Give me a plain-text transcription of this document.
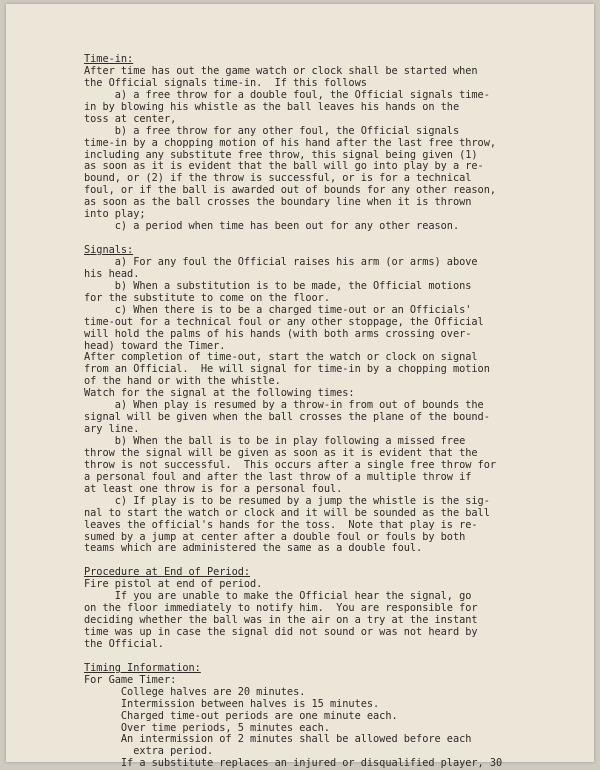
Time-in:
After time has out the game watch or clock shall be started when
the Official signals time-in.  If this follows
a) a free throw for a double foul, the Official signals time-
in by blowing his whistle as the ball leaves his hands on the
toss at center,
b) a free throw for any other foul, the Official signals
time-in by a chopping motion of his hand after the last free throw,
including any substitute free throw, this signal being given (1)
as soon as it is evident that the ball will go into play by a re-
bound, or (2) if the throw is successful, or is for a technical
foul, or if the ball is awarded out of bounds for any other reason,
as soon as the ball crosses the boundary line when it is thrown
into play;
c) a period when time has been out for any other reason.
Signals:
a) For any foul the Official raises his arm (or arms) above
his head.
b) When a substitution is to be made, the Official motions
for the substitute to come on the floor.
c) When there is to be a charged time-out or an Officials'
time-out for a technical foul or any other stoppage, the Official
will hold the palms of his hands (with both arms crossing over-
head) toward the Timer.
After completion of time-out, start the watch or clock on signal
from an Official.  He will signal for time-in by a chopping motion
of the hand or with the whistle.
Watch for the signal at the following times:
a) When play is resumed by a throw-in from out of bounds the
signal will be given when the ball crosses the plane of the bound-
ary line.
b) When the ball is to be in play following a missed free
throw the signal will be given as soon as it is evident that the
throw is not successful.  This occurs after a single free throw for
a personal foul and after the last throw of a multiple throw if
at least one throw is for a personal foul.
c) If play is to be resumed by a jump the whistle is the sig-
nal to start the watch or clock and it will be sounded as the ball
leaves the official's hands for the toss.  Note that play is re-
sumed by a jump at center after a double foul or fouls by both
teams which are administered the same as a double foul.
Procedure at End of Period:
Fire pistol at end of period.
If you are unable to make the Official hear the signal, go
on the floor immediately to notify him.  You are responsible for
deciding whether the ball was in the air on a try at the instant
time was up in case the signal did not sound or was not heard by
the Official.
Timing Information:
For Game Timer:
College halves are 20 minutes.
Intermission between halves is 15 minutes.
Charged time-out periods are one minute each.
Over time periods, 5 minutes each.
An intermission of 2 minutes shall be allowed before each
extra period.
If a substitute replaces an injured or disqualified player, 30
